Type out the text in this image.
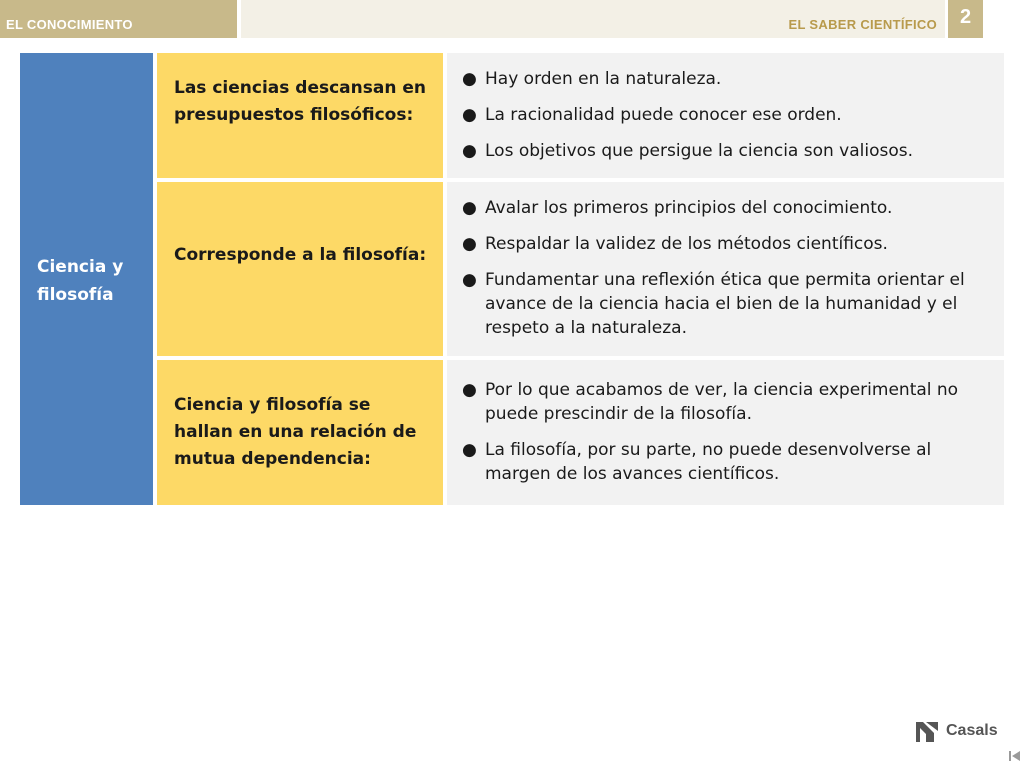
EL CONOCIMIENTO	EL SABER CIENTÍFICO	2
Ciencia y filosofía
Las ciencias descansan en presupuestos filosóficos:
● Hay orden en la naturaleza.
● La racionalidad puede conocer ese orden.
● Los objetivos que persigue la ciencia son valiosos.
Corresponde a la filosofía:
● Avalar los primeros principios del conocimiento.
● Respaldar la validez de los métodos científicos.
● Fundamentar una reflexión ética que permita orientar el avance de la ciencia hacia el bien de la humanidad y el respeto a la naturaleza.
Ciencia y filosofía se hallan en una relación de mutua dependencia:
● Por lo que acabamos de ver, la ciencia experimental no puede prescindir de la filosofía.
● La filosofía, por su parte, no puede desenvolverse al margen de los avances científicos.
Casals
